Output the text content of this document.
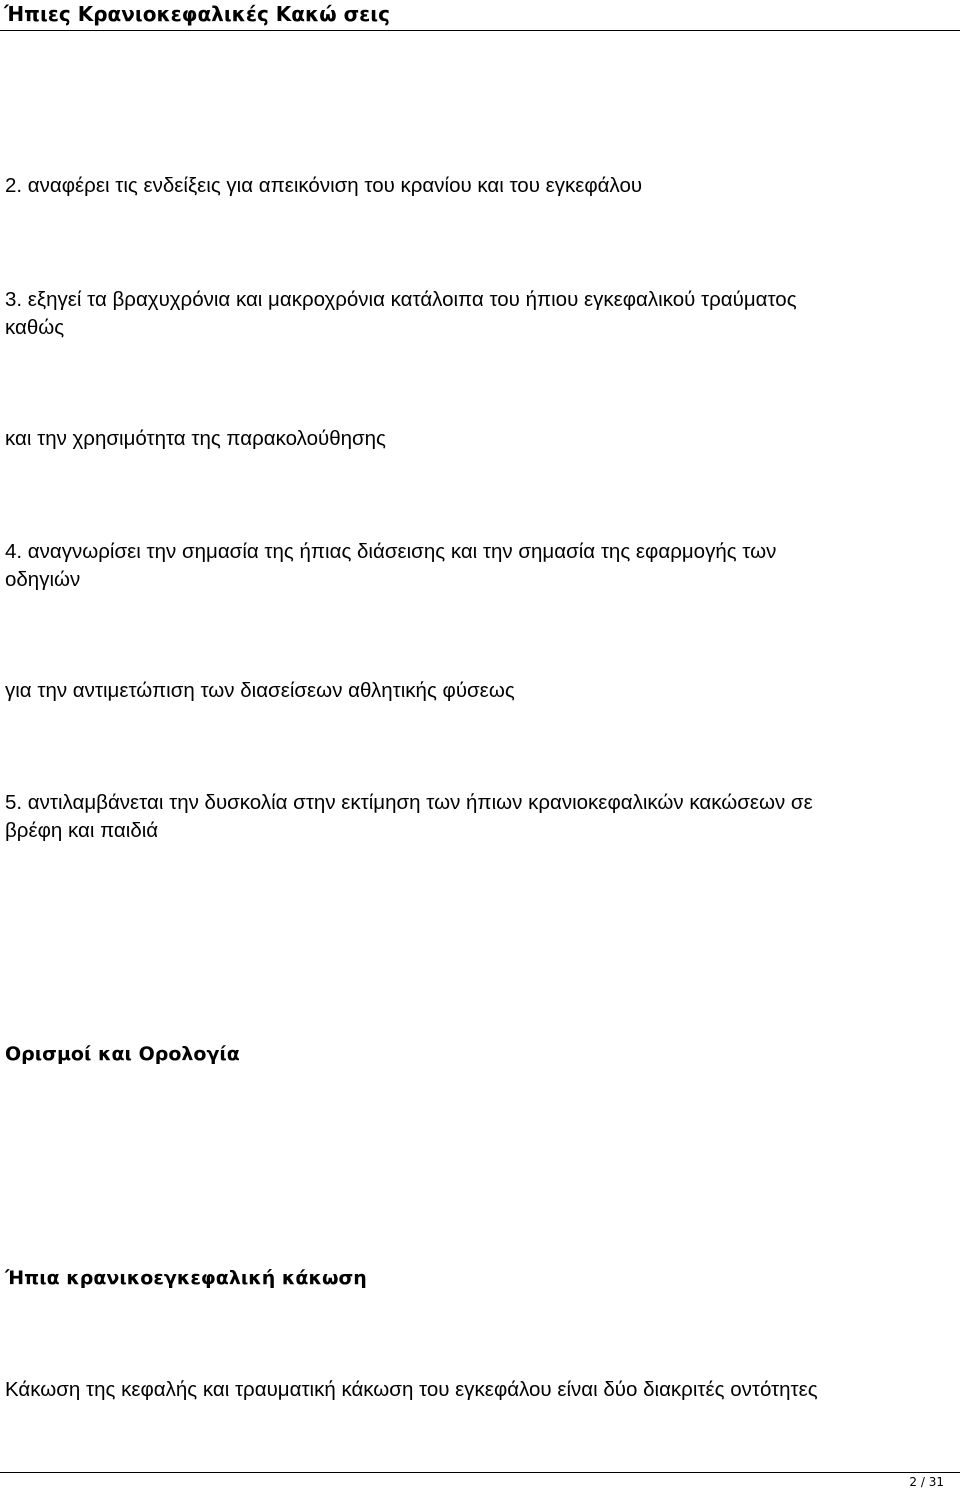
Ήπιες Κρανιοκεφαλικές Κακώ σεις
2. αναφέρει τις ενδείξεις για απεικόνιση του κρανίου και του εγκεφάλου
3. εξηγεί τα βραχυχρόνια και μακροχρόνια κατάλοιπα του ήπιου εγκεφαλικού τραύματος
καθώς
και την χρησιμότητα της παρακολούθησης
4. αναγνωρίσει την σημασία της ήπιας διάσεισης και την σημασία της εφαρμογής των
οδηγιών
για την αντιμετώπιση των διασείσεων αθλητικής φύσεως
5. αντιλαμβάνεται την δυσκολία στην εκτίμηση των ήπιων κρανιοκεφαλικών κακώσεων σε
βρέφη και παιδιά
Ορισμοί και Ορολογία
Ήπια κρανικοεγκεφαλική κάκωση
Κάκωση της κεφαλής και τραυματική κάκωση του εγκεφάλου είναι δύο διακριτές οντότητες
2 / 31
